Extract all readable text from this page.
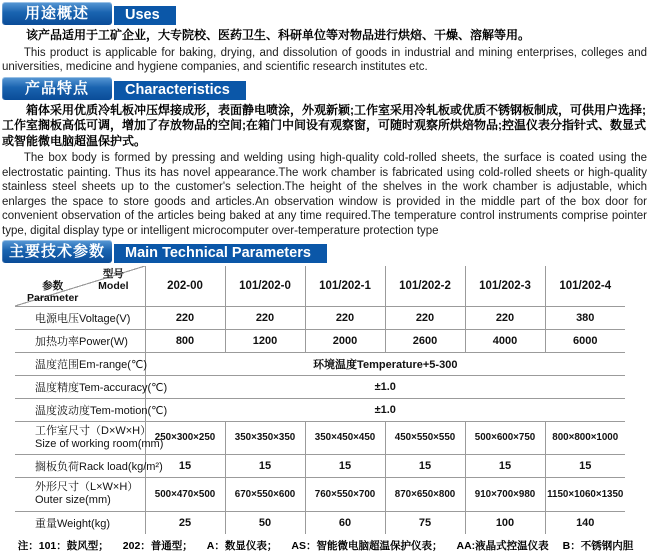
用途概述	Uses

该产品适用于工矿企业，大专院校、医药卫生、科研单位等对物品进行烘焙、干燥、溶解等用。

This product is applicable for baking, drying, and dissolution of goods in industrial and mining enterprises, colleges and universities, medicine and hygiene companies, and scientific research institutes etc.

产品特点	Characteristics

箱体采用优质冷轧板冲压焊接成形，表面静电喷涂，外观新颖;工作室采用冷轧板或优质不锈钢板制成，可供用户选择;工作室搁板高低可调，增加了存放物品的空间;在箱门中间设有观察窗，可随时观察所烘焙物品;控温仪表分指针式、数显式或智能微电脑超温保护式。

The box body is formed by pressing and welding using high-quality cold-rolled sheets, the surface is coated using the electrostatic painting. Thus its has novel appearance.The work chamber is fabricated using cold-rolled sheets or high-quality stainless steel sheets up to the customer's selection.The height of the shelves in the work chamber is adjustable, which enlarges the space to store goods and articles.An observation window is provided in the middle part of the box door for convenient observation of the articles being baked at any time required.The temperature control instruments comprise pointer type, digital display type or intelligent microcomputer over-temperature protection type

主要技术参数	Main Technical Parameters
型号
Model
参数
Parameter	202-00	101/202-0	101/202-1	101/202-2	101/202-3	101/202-4
电源电压Voltage(V)	220	220	220	220	220	380
加热功率Power(W)	800	1200	2000	2600	4000	6000
温度范围Em-range(℃)	环境温度Temperature+5-300					
温度精度Tem-accuracy(℃)	±1.0					
温度波动度Tem-motion(℃)	±1.0					

工作室尺寸（D×W×H）
Size of working room(mm)	250×300×250	350×350×350	350×450×450	450×550×550	500×600×750	800×800×1000
搁板负荷Rack load(kg/m²)	15	15	15	15	15	15

外形尺寸（L×W×H）
Outer size(mm)	500×470×500	670×550×600	760×550×700	870×650×800	910×700×980	1150×1060×1350
重量Weight(kg)	25	50	60	75	100	140

注：101：鼓风型； 202：普通型； A：数显仪表； AS：智能微电脑超温保护仪表； AA:液晶式控温仪表 B：不锈钢内胆
